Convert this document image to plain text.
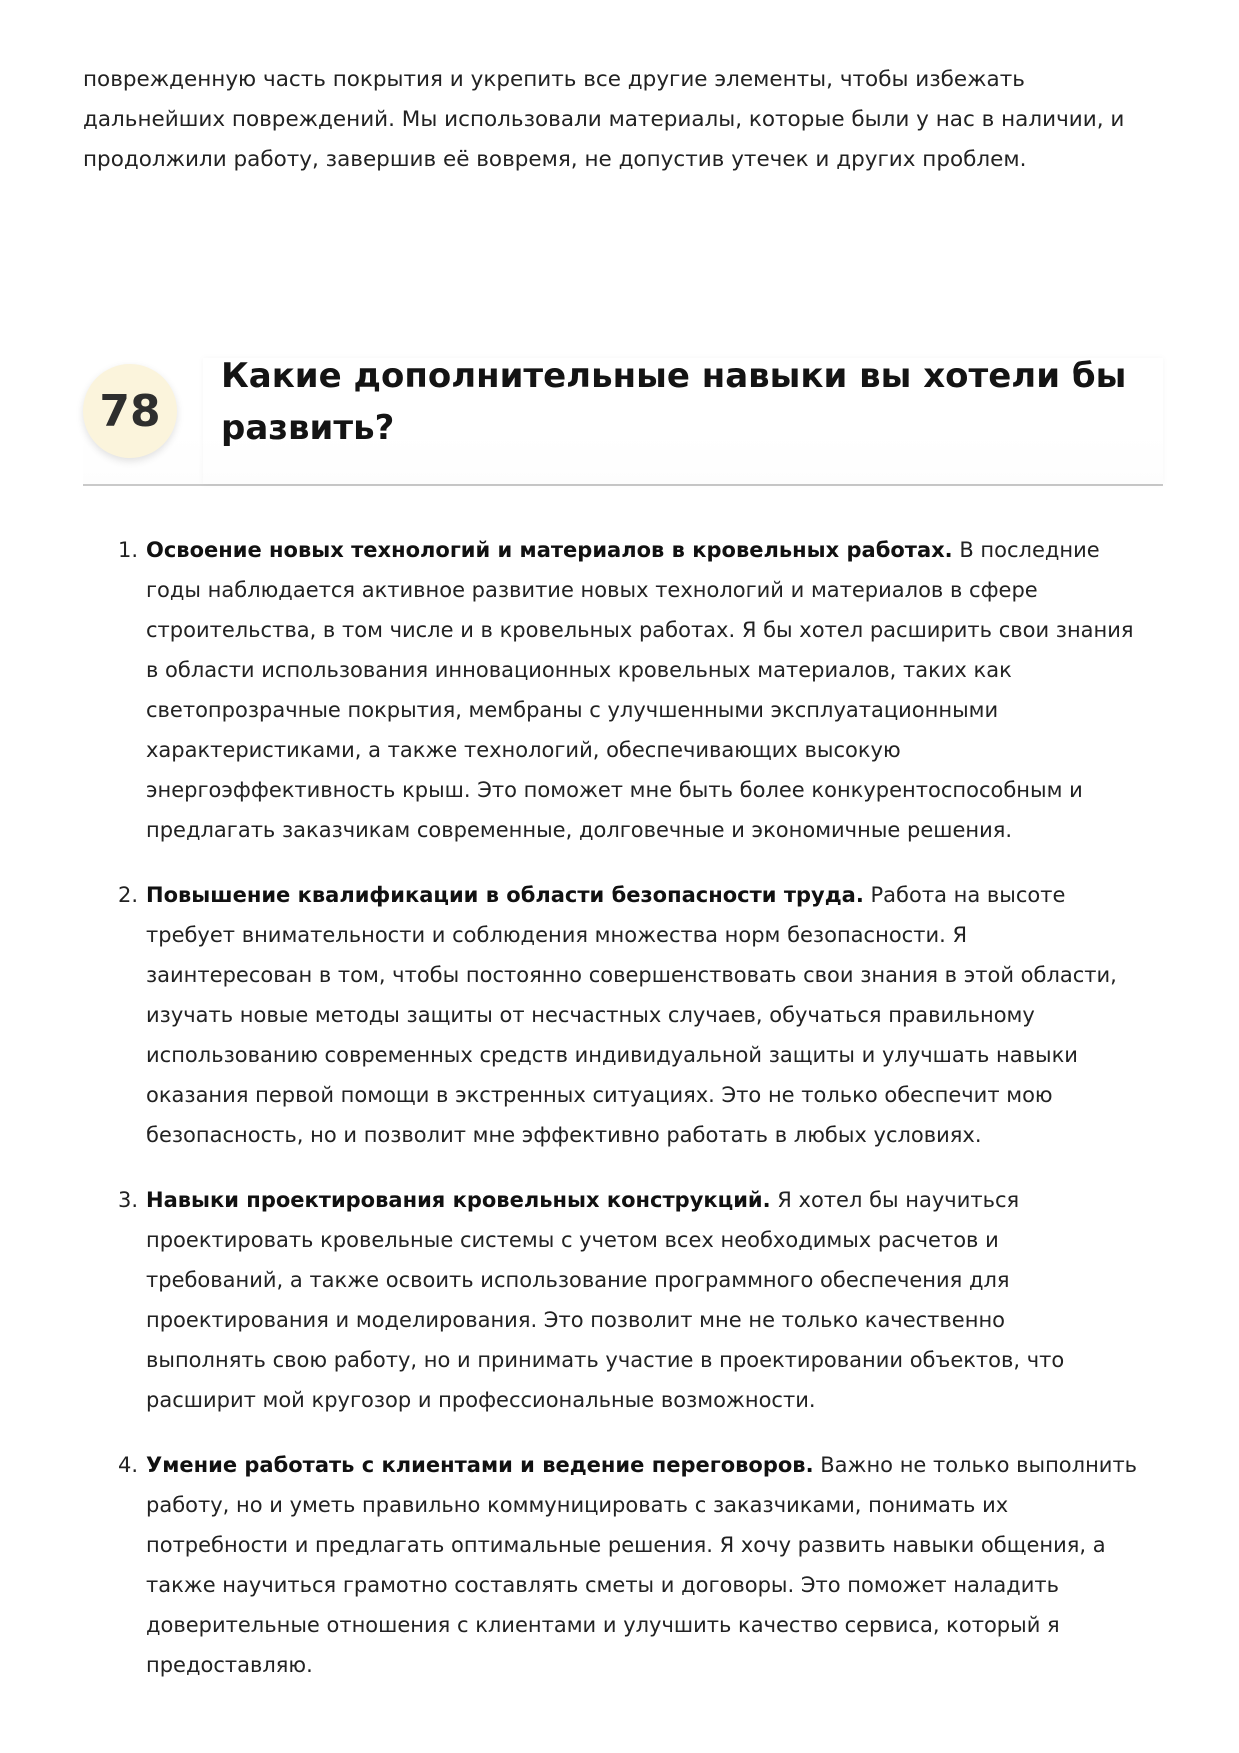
поврежденную часть покрытия и укрепить все другие элементы, чтобы избежать
дальнейших повреждений. Мы использовали материалы, которые были у нас в наличии, и
продолжили работу, завершив её вовремя, не допустив утечек и других проблем.

78
Какие дополнительные навыки вы хотели бы
развить?
1. Освоение новых технологий и материалов в кровельных работах. В последние
годы наблюдается активное развитие новых технологий и материалов в сфере
строительства, в том числе и в кровельных работах. Я бы хотел расширить свои знания
в области использования инновационных кровельных материалов, таких как
светопрозрачные покрытия, мембраны с улучшенными эксплуатационными
характеристиками, а также технологий, обеспечивающих высокую
энергоэффективность крыш. Это поможет мне быть более конкурентоспособным и
предлагать заказчикам современные, долговечные и экономичные решения.
2. Повышение квалификации в области безопасности труда. Работа на высоте
требует внимательности и соблюдения множества норм безопасности. Я
заинтересован в том, чтобы постоянно совершенствовать свои знания в этой области,
изучать новые методы защиты от несчастных случаев, обучаться правильному
использованию современных средств индивидуальной защиты и улучшать навыки
оказания первой помощи в экстренных ситуациях. Это не только обеспечит мою
безопасность, но и позволит мне эффективно работать в любых условиях.
3. Навыки проектирования кровельных конструкций. Я хотел бы научиться
проектировать кровельные системы с учетом всех необходимых расчетов и
требований, а также освоить использование программного обеспечения для
проектирования и моделирования. Это позволит мне не только качественно
выполнять свою работу, но и принимать участие в проектировании объектов, что
расширит мой кругозор и профессиональные возможности.
4. Умение работать с клиентами и ведение переговоров. Важно не только выполнить
работу, но и уметь правильно коммуницировать с заказчиками, понимать их
потребности и предлагать оптимальные решения. Я хочу развить навыки общения, а
также научиться грамотно составлять сметы и договоры. Это поможет наладить
доверительные отношения с клиентами и улучшить качество сервиса, который я
предоставляю.
